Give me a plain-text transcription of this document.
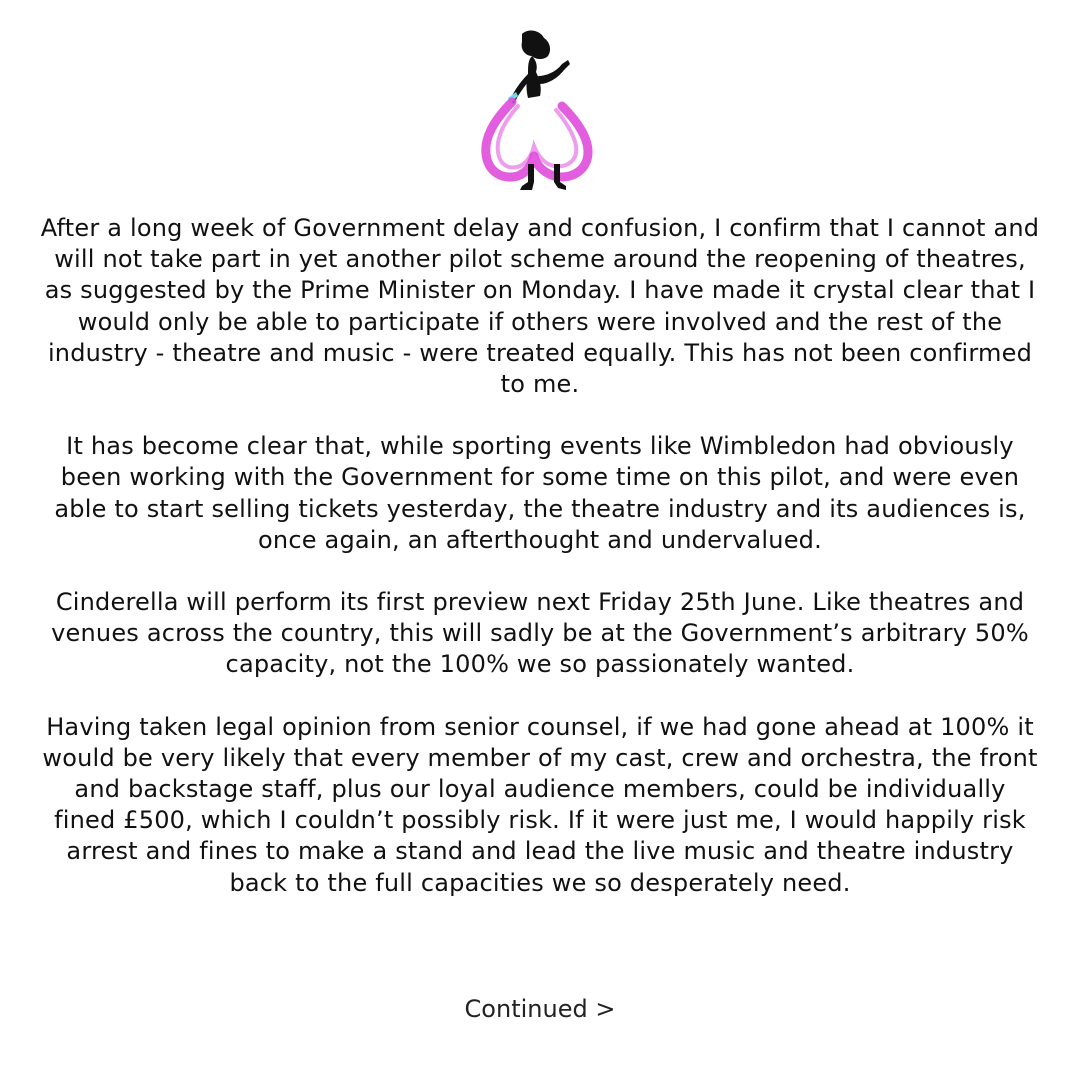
After a long week of Government delay and confusion, I confirm that I cannot and will not take part in yet another pilot scheme around the reopening of theatres, as suggested by the Prime Minister on Monday. I have made it crystal clear that I would only be able to participate if others were involved and the rest of the industry - theatre and music - were treated equally. This has not been confirmed to me.

It has become clear that, while sporting events like Wimbledon had obviously been working with the Government for some time on this pilot, and were even able to start selling tickets yesterday, the theatre industry and its audiences is, once again, an afterthought and undervalued.

Cinderella will perform its first preview next Friday 25th June. Like theatres and venues across the country, this will sadly be at the Government’s arbitrary 50% capacity, not the 100% we so passionately wanted.

Having taken legal opinion from senior counsel, if we had gone ahead at 100% it would be very likely that every member of my cast, crew and orchestra, the front and backstage staff, plus our loyal audience members, could be individually fined £500, which I couldn’t possibly risk. If it were just me, I would happily risk arrest and fines to make a stand and lead the live music and theatre industry back to the full capacities we so desperately need.

Continued >
